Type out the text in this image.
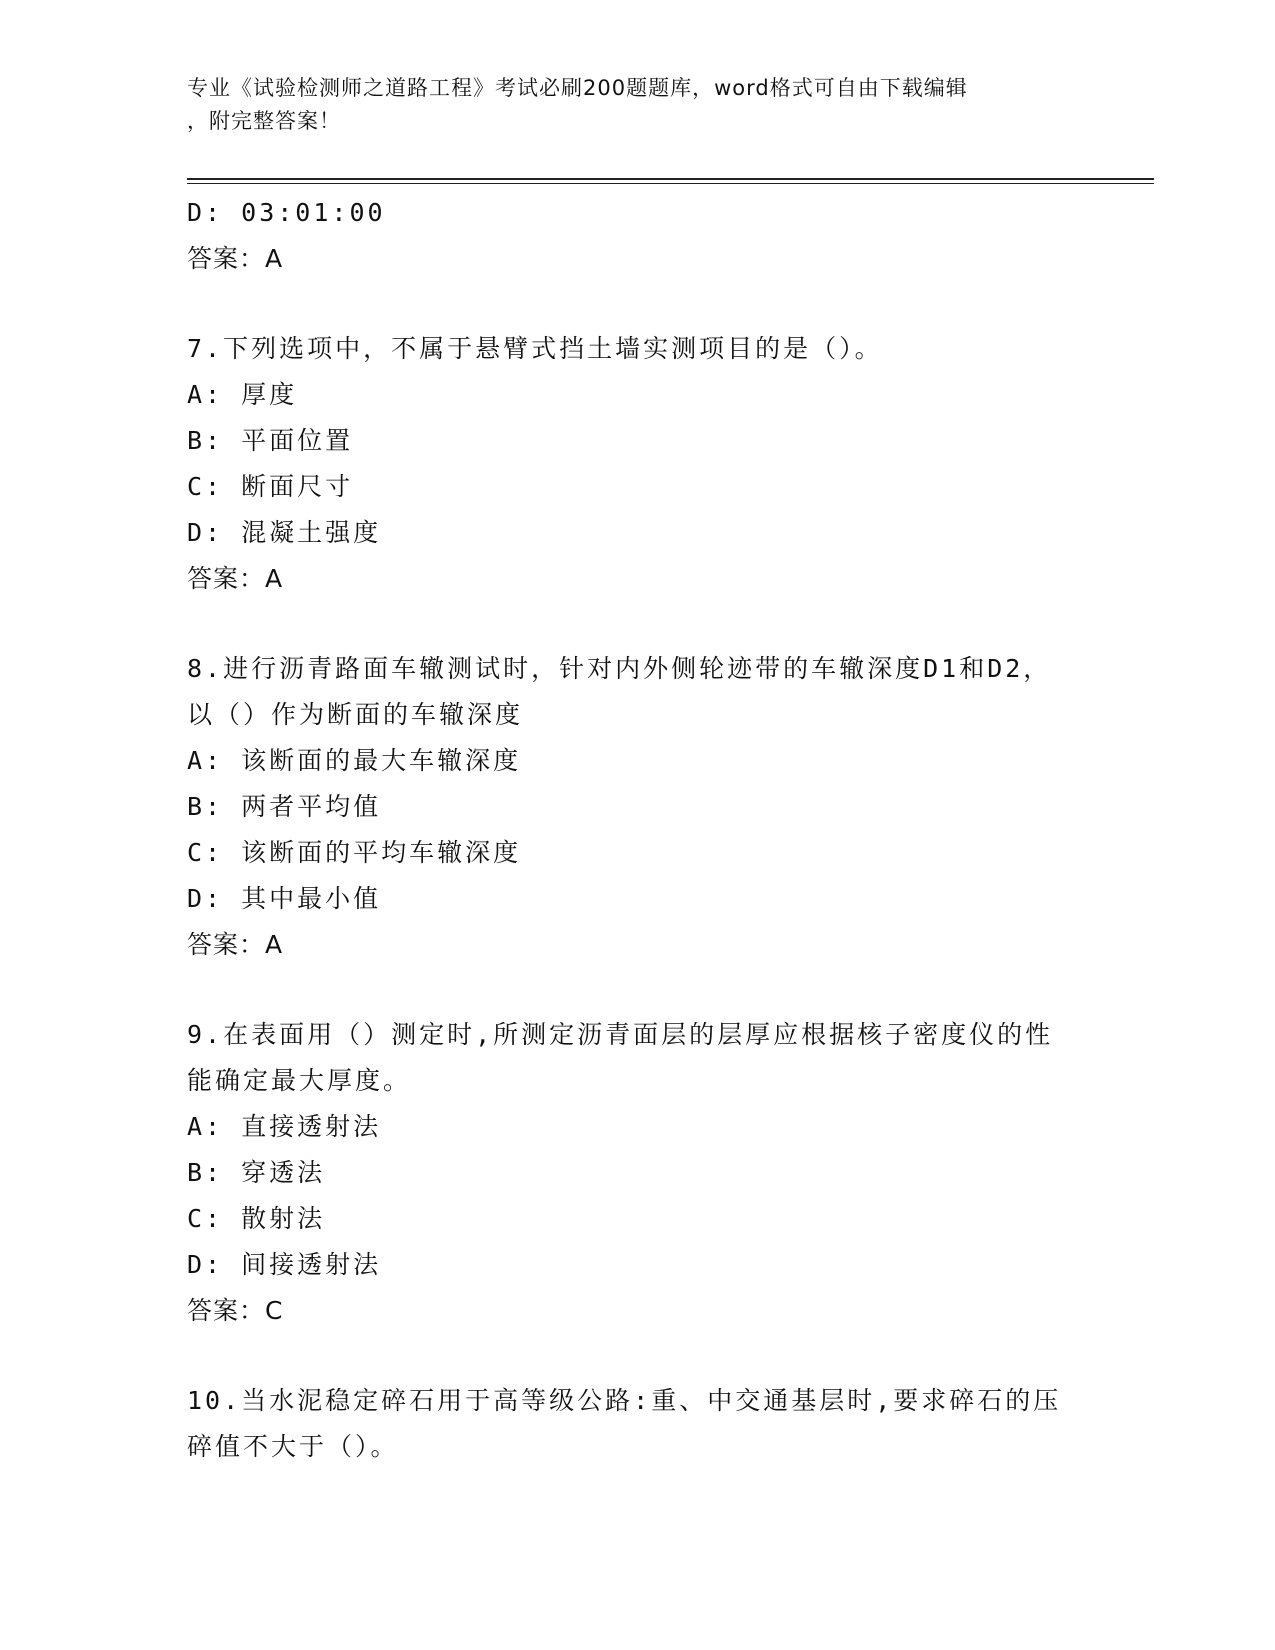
专业《试验检测师之道路工程》考试必刷200题题库，word格式可自由下载编辑
，附完整答案！
D: 03:01:00
答案：A
7.下列选项中，不属于悬臂式挡土墙实测项目的是（）。
A: 厚度
B: 平面位置
C: 断面尺寸
D: 混凝土强度
答案：A
8.进行沥青路面车辙测试时，针对内外侧轮迹带的车辙深度D1和D2，
以（）作为断面的车辙深度
A: 该断面的最大车辙深度
B: 两者平均值
C: 该断面的平均车辙深度
D: 其中最小值
答案：A
9.在表面用（）测定时,所测定沥青面层的层厚应根据核子密度仪的性
能确定最大厚度。
A: 直接透射法
B: 穿透法
C: 散射法
D: 间接透射法
答案：C
10.当水泥稳定碎石用于高等级公路:重、中交通基层时,要求碎石的压
碎值不大于（）。
